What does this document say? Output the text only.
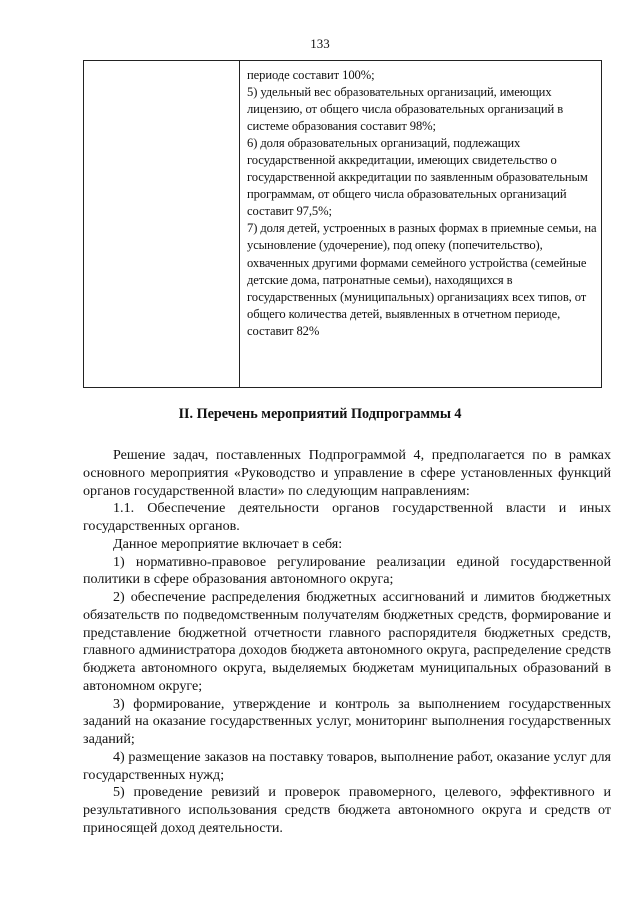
133

периоде составит 100%;

5) удельный вес образовательных организаций, имеющих лицензию, от общего числа образовательных организаций в системе образования составит 98%;

6) доля образовательных организаций, подлежащих государственной аккредитации, имеющих свидетельство о государственной аккредитации по заявленным образовательным программам, от общего числа образовательных организаций составит 97,5%;

7) доля детей, устроенных в разных формах в приемные семьи, на усыновление (удочерение), под опеку (попечительство), охваченных другими формами семейного устройства (семейные детские дома, патронатные семьи), находящихся в государственных (муниципальных) организациях всех типов, от общего количества детей, выявленных в отчетном периоде, составит 82%

II. Перечень мероприятий Подпрограммы 4

Решение задач, поставленных Подпрограммой 4, предполагается по в рамках основного мероприятия «Руководство и управление в сфере установленных функций органов государственной власти» по следующим направлениям:

1.1. Обеспечение деятельности органов государственной власти и иных государственных органов.

Данное мероприятие включает в себя:

1) нормативно-правовое регулирование реализации единой государственной политики в сфере образования автономного округа;

2) обеспечение распределения бюджетных ассигнований и лимитов бюджетных обязательств по подведомственным получателям бюджетных средств, формирование и представление бюджетной отчетности главного распорядителя бюджетных средств, главного администратора доходов бюджета автономного округа, распределение средств бюджета автономного округа, выделяемых бюджетам муниципальных образований в автономном округе;

3) формирование, утверждение и контроль за выполнением государственных заданий на оказание государственных услуг, мониторинг выполнения государственных заданий;

4) размещение заказов на поставку товаров, выполнение работ, оказание услуг для государственных нужд;

5) проведение ревизий и проверок правомерного, целевого, эффективного и результативного использования средств бюджета автономного округа и средств от приносящей доход деятельности.
